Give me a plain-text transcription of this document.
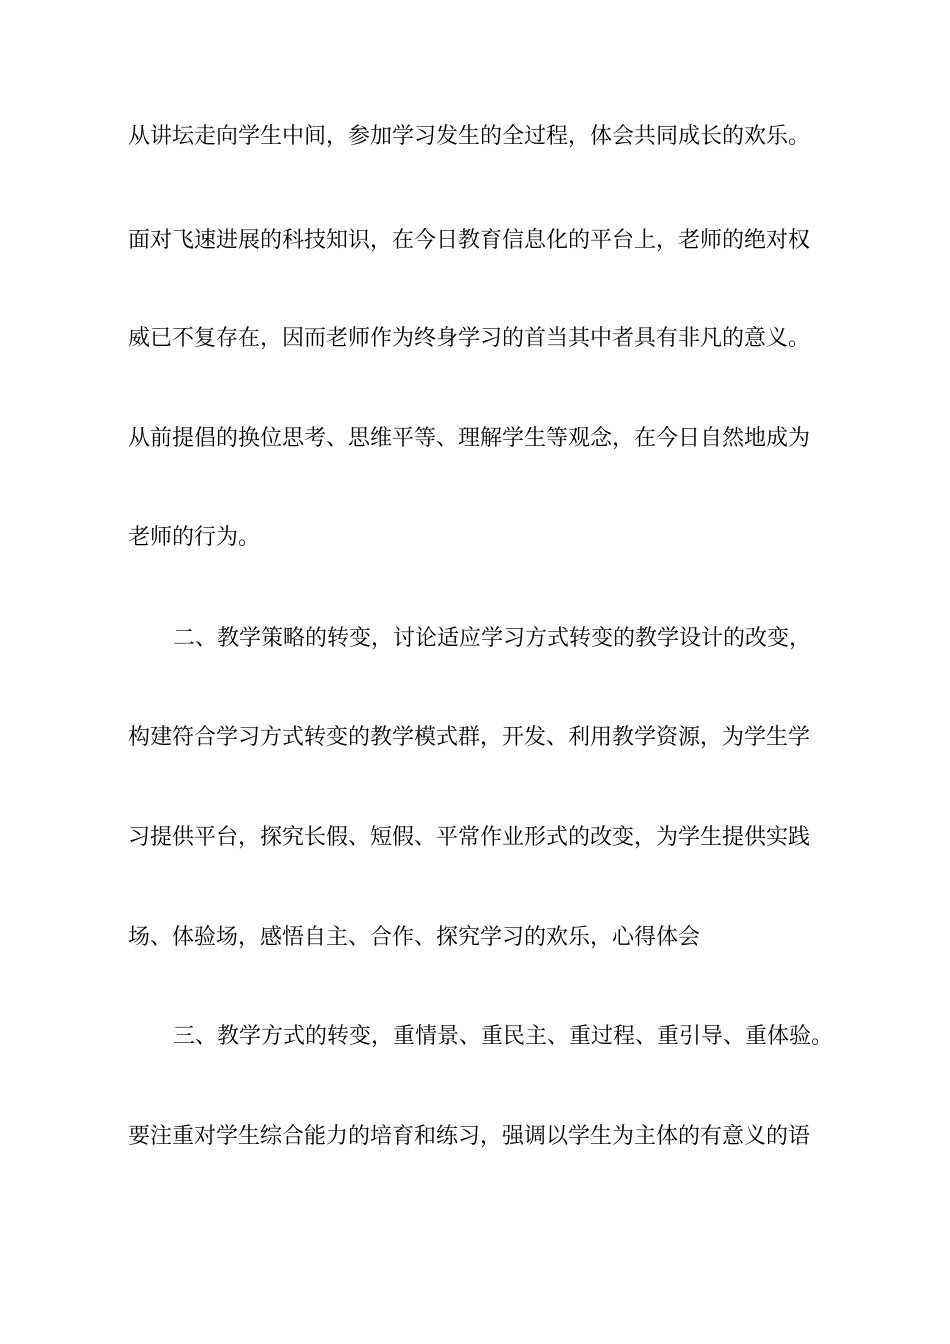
从讲坛走向学生中间，参加学习发生的全过程，体会共同成长的欢乐。

面对飞速进展的科技知识，在今日教育信息化的平台上，老师的绝对权

威已不复存在，因而老师作为终身学习的首当其中者具有非凡的意义。

从前提倡的换位思考、思维平等、理解学生等观念，在今日自然地成为

老师的行为。

二、教学策略的转变，讨论适应学习方式转变的教学设计的改变，

构建符合学习方式转变的教学模式群，开发、利用教学资源，为学生学

习提供平台，探究长假、短假、平常作业形式的改变，为学生提供实践

场、体验场，感悟自主、合作、探究学习的欢乐，心得体会

三、教学方式的转变，重情景、重民主、重过程、重引导、重体验。

要注重对学生综合能力的培育和练习，强调以学生为主体的有意义的语
